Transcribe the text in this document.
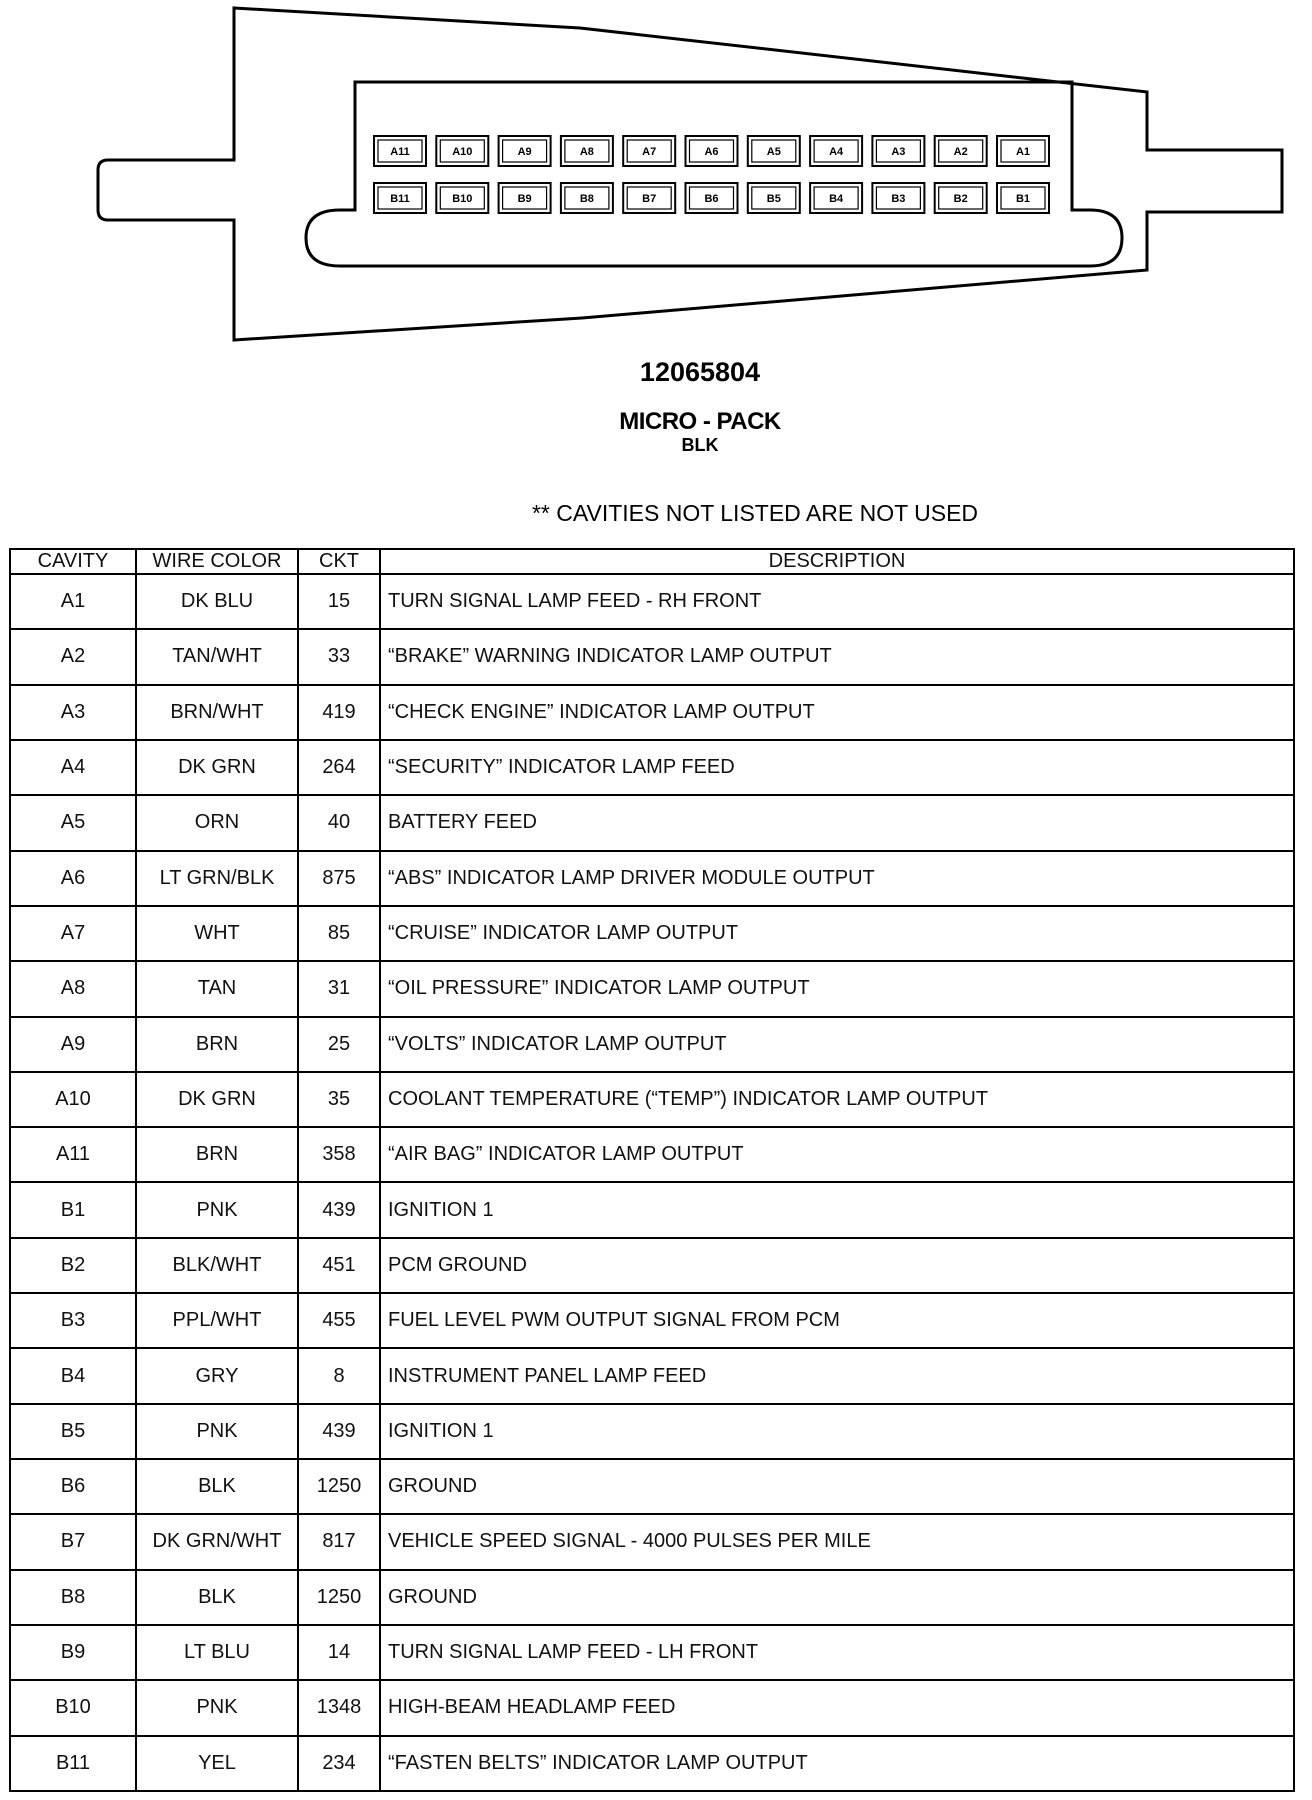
A11	A10	A9	A8	A7	A6	A5	A4	A3	A2	A1
B11	B10	B9	B8	B7	B6	B5	B4	B3	B2	B1
12065804
MICRO - PACK
BLK
** CAVITIES NOT LISTED ARE NOT USED
CAVITY	WIRE COLOR	CKT	DESCRIPTION
A1	DK BLU	15	TURN SIGNAL LAMP FEED - RH FRONT
A2	TAN/WHT	33	“BRAKE” WARNING INDICATOR LAMP OUTPUT
A3	BRN/WHT	419	“CHECK ENGINE” INDICATOR LAMP OUTPUT
A4	DK GRN	264	“SECURITY” INDICATOR LAMP FEED
A5	ORN	40	BATTERY FEED
A6	LT GRN/BLK	875	“ABS” INDICATOR LAMP DRIVER MODULE OUTPUT
A7	WHT	85	“CRUISE” INDICATOR LAMP OUTPUT
A8	TAN	31	“OIL PRESSURE” INDICATOR LAMP OUTPUT
A9	BRN	25	“VOLTS” INDICATOR LAMP OUTPUT
A10	DK GRN	35	COOLANT TEMPERATURE (“TEMP”) INDICATOR LAMP OUTPUT
A11	BRN	358	“AIR BAG” INDICATOR LAMP OUTPUT
B1	PNK	439	IGNITION 1
B2	BLK/WHT	451	PCM GROUND
B3	PPL/WHT	455	FUEL LEVEL PWM OUTPUT SIGNAL FROM PCM
B4	GRY	8	INSTRUMENT PANEL LAMP FEED
B5	PNK	439	IGNITION 1
B6	BLK	1250	GROUND
B7	DK GRN/WHT	817	VEHICLE SPEED SIGNAL - 4000 PULSES PER MILE
B8	BLK	1250	GROUND
B9	LT BLU	14	TURN SIGNAL LAMP FEED - LH FRONT
B10	PNK	1348	HIGH-BEAM HEADLAMP FEED
B11	YEL	234	“FASTEN BELTS” INDICATOR LAMP OUTPUT
